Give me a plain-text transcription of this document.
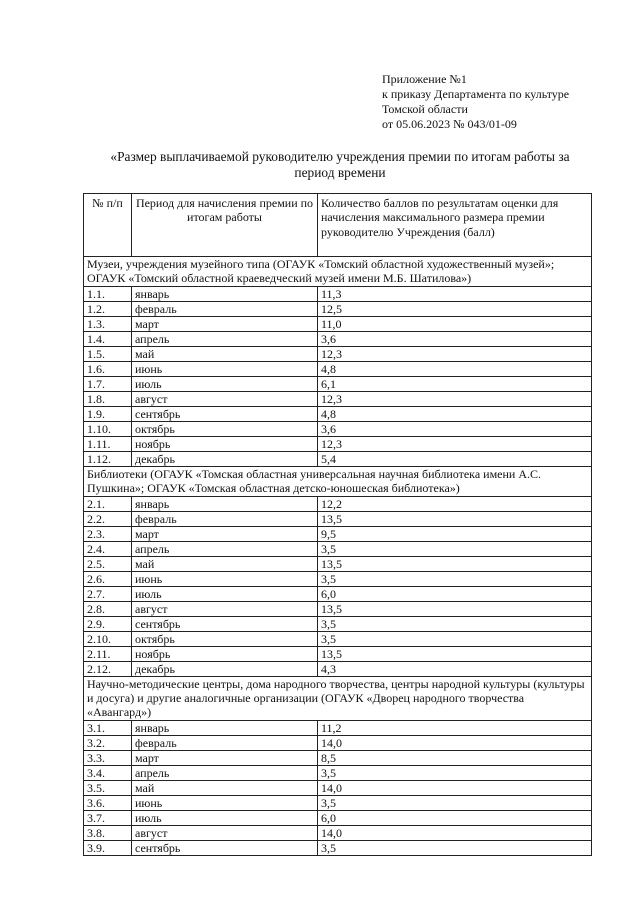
Приложение №1
к приказу Департамента по культуре
Томской области
от 05.06.2023 № 043/01-09
«Размер выплачиваемой руководителю учреждения премии по итогам работы за
период времени
№ п/п	Период для начисления премии по итогам работы	Количество баллов по результатам оценки для начисления максимального размера премии руководителю Учреждения (балл)
Музеи, учреждения музейного типа (ОГАУК «Томский областной художественный музей»; ОГАУК «Томский областной краеведческий музей имени М.Б. Шатилова»)		
1.1.	январь	11,3
1.2.	февраль	12,5
1.3.	март	11,0
1.4.	апрель	3,6
1.5.	май	12,3
1.6.	июнь	4,8
1.7.	июль	6,1
1.8.	август	12,3
1.9.	сентябрь	4,8
1.10.	октябрь	3,6
1.11.	ноябрь	12,3
1.12.	декабрь	5,4
Библиотеки (ОГАУК «Томская областная универсальная научная библиотека имени А.С. Пушкина»; ОГАУК «Томская областная детско-юношеская библиотека»)		
2.1.	январь	12,2
2.2.	февраль	13,5
2.3.	март	9,5
2.4.	апрель	3,5
2.5.	май	13,5
2.6.	июнь	3,5
2.7.	июль	6,0
2.8.	август	13,5
2.9.	сентябрь	3,5
2.10.	октябрь	3,5
2.11.	ноябрь	13,5
2.12.	декабрь	4,3
Научно-методические центры, дома народного творчества, центры народной культуры (культуры и досуга) и другие аналогичные организации (ОГАУК «Дворец народного творчества «Авангард»)		
3.1.	январь	11,2
3.2.	февраль	14,0
3.3.	март	8,5
3.4.	апрель	3,5
3.5.	май	14,0
3.6.	июнь	3,5
3.7.	июль	6,0
3.8.	август	14,0
3.9.	сентябрь	3,5
